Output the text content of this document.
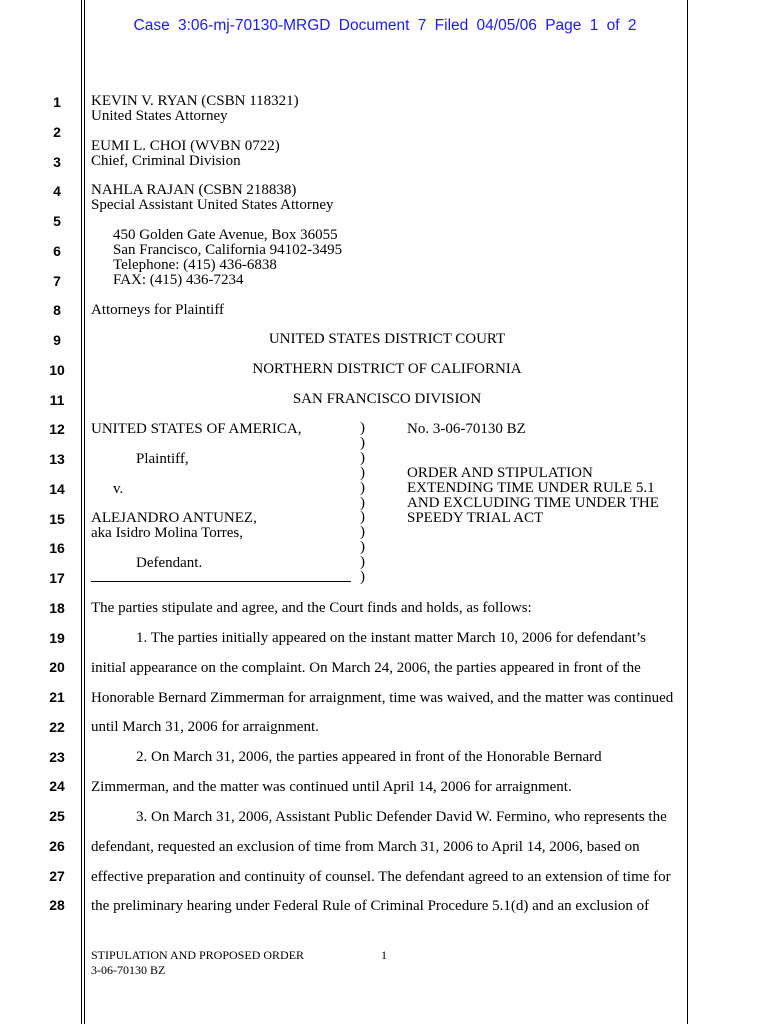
Case 3:06-mj-70130-MRGD Document 7 Filed 04/05/06 Page 1 of 2
1
2
3
4
5
6
7
8
9
10
11
12
13
14
15
16
17
18
19
20
21
22
23
24
25
26
27
28
KEVIN V. RYAN (CSBN 118321)
United States Attorney
EUMI L. CHOI (WVBN 0722)
Chief, Criminal Division
NAHLA RAJAN (CSBN 218838)
Special Assistant United States Attorney
450 Golden Gate Avenue, Box 36055
San Francisco, California 94102-3495
Telephone: (415) 436-6838
FAX: (415) 436-7234
Attorneys for Plaintiff
UNITED STATES DISTRICT COURT
NORTHERN DISTRICT OF CALIFORNIA
SAN FRANCISCO DIVISION
UNITED STATES OF AMERICA,
Plaintiff,
v.
ALEJANDRO ANTUNEZ,
aka Isidro Molina Torres,
Defendant.
)
)
)
)
)
)
)
)
)
)
)
No. 3-06-70130 BZ
ORDER AND STIPULATION
EXTENDING TIME UNDER RULE 5.1
AND EXCLUDING TIME UNDER THE
SPEEDY TRIAL ACT
The parties stipulate and agree, and the Court finds and holds, as follows:
1. The parties initially appeared on the instant matter March 10, 2006 for defendant’s
initial appearance on the complaint. On March 24, 2006, the parties appeared in front of the
Honorable Bernard Zimmerman for arraignment, time was waived, and the matter was continued
until March 31, 2006 for arraignment.
2. On March 31, 2006, the parties appeared in front of the Honorable Bernard
Zimmerman, and the matter was continued until April 14, 2006 for arraignment.
3. On March 31, 2006, Assistant Public Defender David W. Fermino, who represents the
defendant, requested an exclusion of time from March 31, 2006 to April 14, 2006, based on
effective preparation and continuity of counsel. The defendant agreed to an extension of time for
the preliminary hearing under Federal Rule of Criminal Procedure 5.1(d) and an exclusion of
STIPULATION AND PROPOSED ORDER
3-06-70130 BZ
1
